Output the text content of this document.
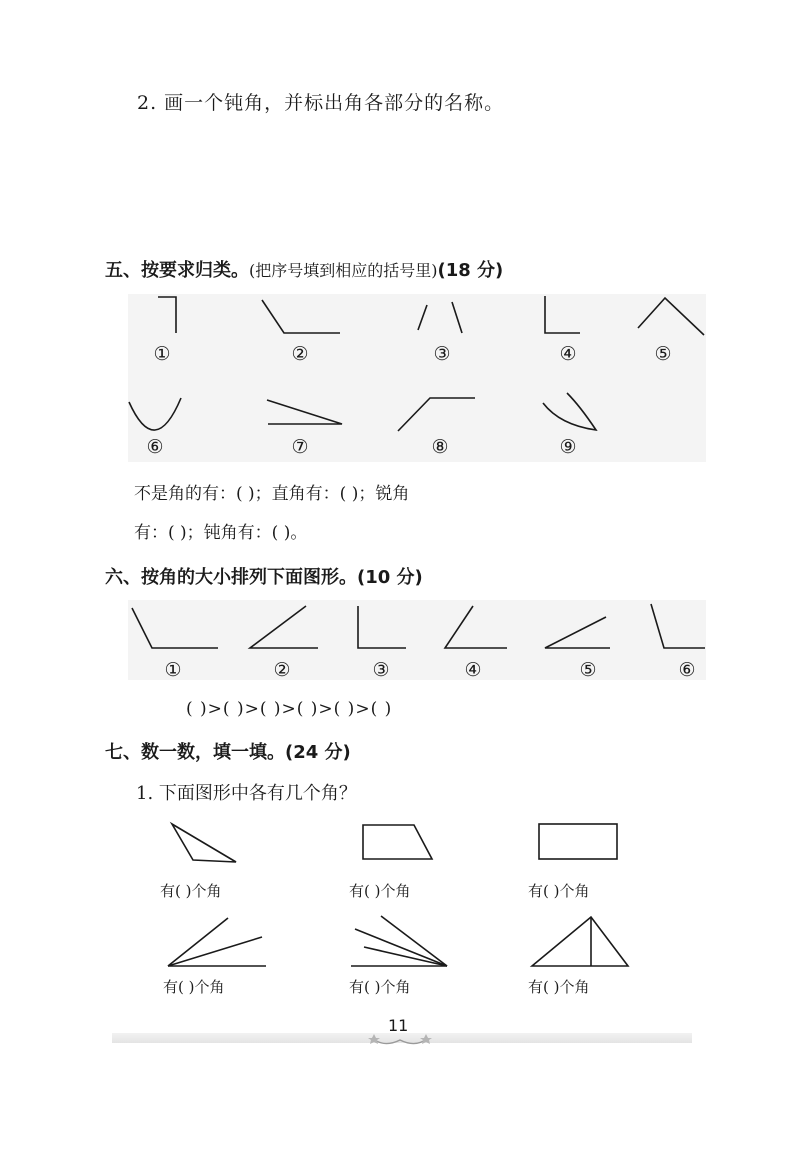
2. 画一个钝角，并标出角各部分的名称。
五、按要求归类。(把序号填到相应的括号里)(18 分)
①	②	③	④	⑤
⑥	⑦	⑧	⑨
不是角的有：( )；直角有：( )；锐角
有：( )；钝角有：( )。
六、按角的大小排列下面图形。(10 分)
①	②	③	④	⑤	⑥
( )>( )>( )>( )>( )>( )
七、数一数，填一填。(24 分)
1. 下面图形中各有几个角？
有( )个角	有( )个角	有( )个角
有( )个角	有( )个角	有( )个角
11
